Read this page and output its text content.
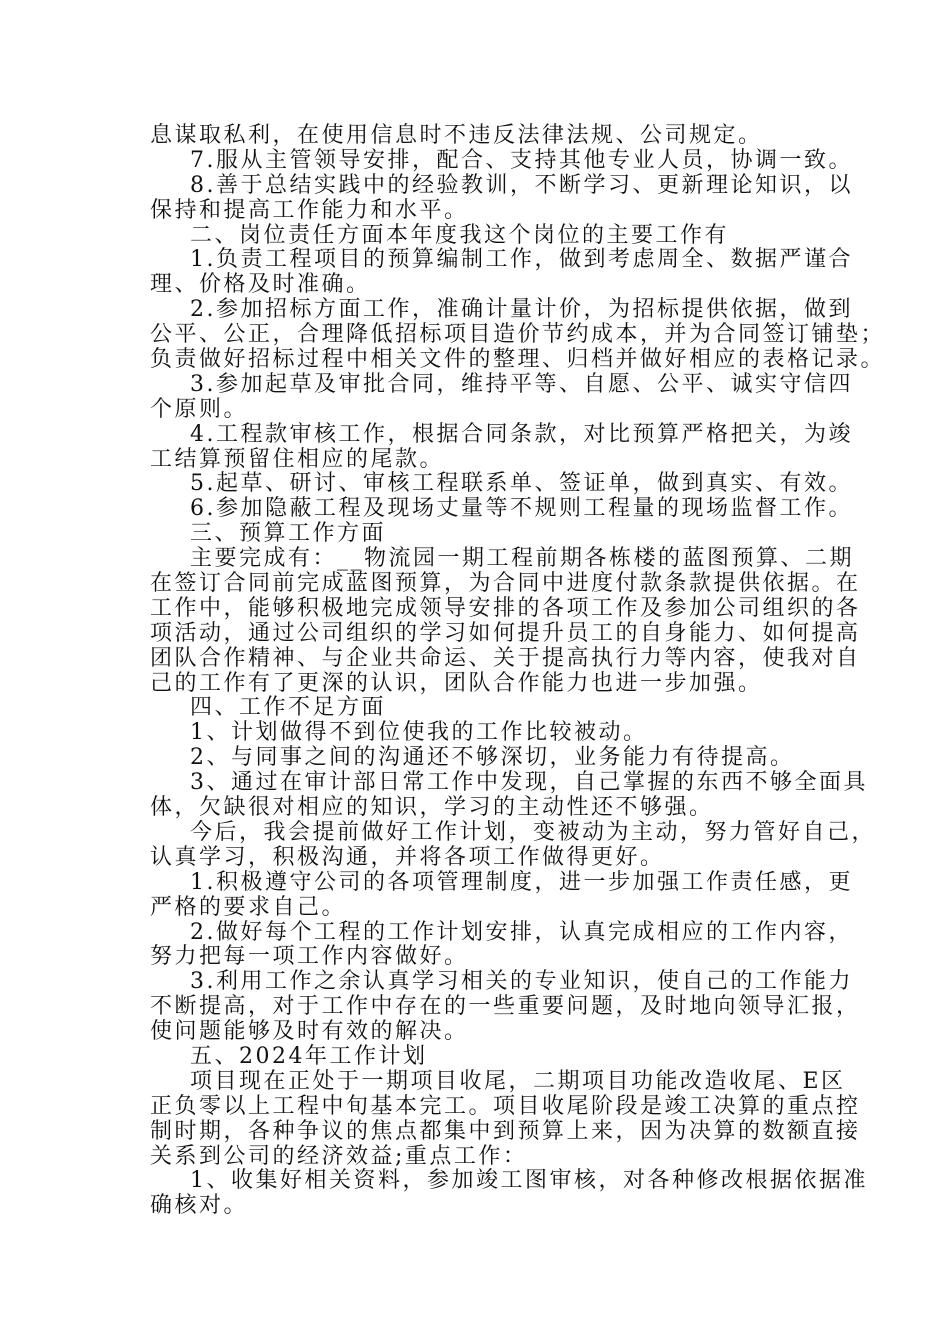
息谋取私利，在使用信息时不违反法律法规、公司规定。
7.服从主管领导安排，配合、支持其他专业人员，协调一致。
8.善于总结实践中的经验教训，不断学习、更新理论知识，以
保持和提高工作能力和水平。
二、岗位责任方面本年度我这个岗位的主要工作有
1.负责工程项目的预算编制工作，做到考虑周全、数据严谨合
理、价格及时准确。
2.参加招标方面工作，准确计量计价，为招标提供依据，做到
公平、公正，合理降低招标项目造价节约成本，并为合同签订铺垫；
负责做好招标过程中相关文件的整理、归档并做好相应的表格记录。
3.参加起草及审批合同，维持平等、自愿、公平、诚实守信四
个原则。
4.工程款审核工作，根据合同条款，对比预算严格把关，为竣
工结算预留住相应的尾款。
5.起草、研讨、审核工程联系单、签证单，做到真实、有效。
6.参加隐蔽工程及现场丈量等不规则工程量的现场监督工作。
三、预算工作方面
主要完成有：__物流园一期工程前期各栋楼的蓝图预算、二期
在签订合同前完成蓝图预算，为合同中进度付款条款提供依据。在
工作中，能够积极地完成领导安排的各项工作及参加公司组织的各
项活动，通过公司组织的学习如何提升员工的自身能力、如何提高
团队合作精神、与企业共命运、关于提高执行力等内容，使我对自
己的工作有了更深的认识，团队合作能力也进一步加强。
四、工作不足方面
1、计划做得不到位使我的工作比较被动。
2、与同事之间的沟通还不够深切，业务能力有待提高。
3、通过在审计部日常工作中发现，自己掌握的东西不够全面具
体，欠缺很对相应的知识，学习的主动性还不够强。
今后，我会提前做好工作计划，变被动为主动，努力管好自己，
认真学习，积极沟通，并将各项工作做得更好。
1.积极遵守公司的各项管理制度，进一步加强工作责任感，更
严格的要求自己。
2.做好每个工程的工作计划安排，认真完成相应的工作内容，
努力把每一项工作内容做好。
3.利用工作之余认真学习相关的专业知识，使自己的工作能力
不断提高，对于工作中存在的一些重要问题，及时地向领导汇报，
使问题能够及时有效的解决。
五、2024年工作计划
项目现在正处于一期项目收尾，二期项目功能改造收尾、E区
正负零以上工程中旬基本完工。项目收尾阶段是竣工决算的重点控
制时期，各种争议的焦点都集中到预算上来，因为决算的数额直接
关系到公司的经济效益;重点工作：
1、收集好相关资料，参加竣工图审核，对各种修改根据依据准
确核对。
